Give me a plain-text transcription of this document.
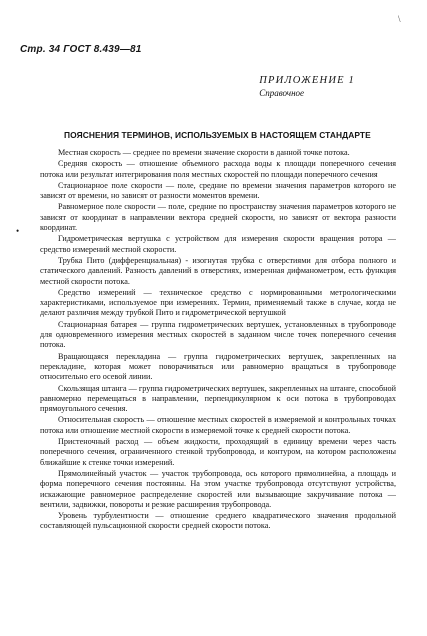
Стр. 34 ГОСТ 8.439—81
\
•
ПРИЛОЖЕНИЕ 1
Справочное
ПОЯСНЕНИЯ ТЕРМИНОВ, ИСПОЛЬЗУЕМЫХ В НАСТОЯЩЕМ СТАНДАРТЕ

Местная скорость — среднее по времени значение скорости в данной точке потока.

Средняя скорость — отношение объемного расхода воды к площади поперечного сечения потока или результат интегрирования поля местных скоростей по площади поперечного сечения

Стационарное поле скорости — поле, средние по времени значения параметров которого не зависят от времени, но зависят от разности моментов времени.

Равномерное поле скорости — поле, средние по пространству значения параметров которого не зависят от координат в направлении вектора средней скорости, но зависят от вектора разности координат.

Гидрометрическая вертушка с устройством для измерения скорости вращения ротора — средство измерений местной скорости.

Трубка Пито (дифференциальная) - изогнутая трубка с отверстиями для отбора полного и статического давлений. Разность давлений в отверстиях, измеренная дифманометром, есть функция местной скорости потока.

Средство измерений — техническое средство с нормированными метрологическими характеристиками, используемое при измерениях. Термин, применяемый также в случае, когда не делают различия между трубкой Пито и гидрометрической вертушкой

Стационарная батарея — группа гидрометрических вертушек, установленных в трубопроводе для одновременного измерения местных скоростей в заданном числе точек поперечного сечения потока.

Вращающаяся перекладина — группа гидрометрических вертушек, закрепленных на перекладине, которая может поворачиваться или равномерно вращаться в трубопроводе относительно его осевой линии.

Скользящая штанга — группа гидрометрических вертушек, закрепленных на штанге, способной равномерно перемещаться в направлении, перпендикулярном к оси потока в трубопроводах прямоугольного сечения.

Относительная скорость — отношение местных скоростей в измеряемой и контрольных точках потока или отношение местной скорости в измеряемой точке к средней скорости потока.

Пристеночный расход — объем жидкости, проходящий в единицу времени через часть поперечного сечения, ограниченного стенкой трубопровода, и контуром, на котором расположены ближайшие к стенке точки измерений.

Прямолинейный участок — участок трубопровода, ось которого прямолинейна, а площадь и форма поперечного сечения постоянны. На этом участке трубопровода отсутствуют устройства, искажающие равномерное распределение скоростей или вызывающие закручивание потока — вентили, задвижки, повороты и резкие расширения трубопровода.

Уровень турбулентности — отношение среднего квадратического значения продольной составляющей пульсационной скорости средней скорости потока.
